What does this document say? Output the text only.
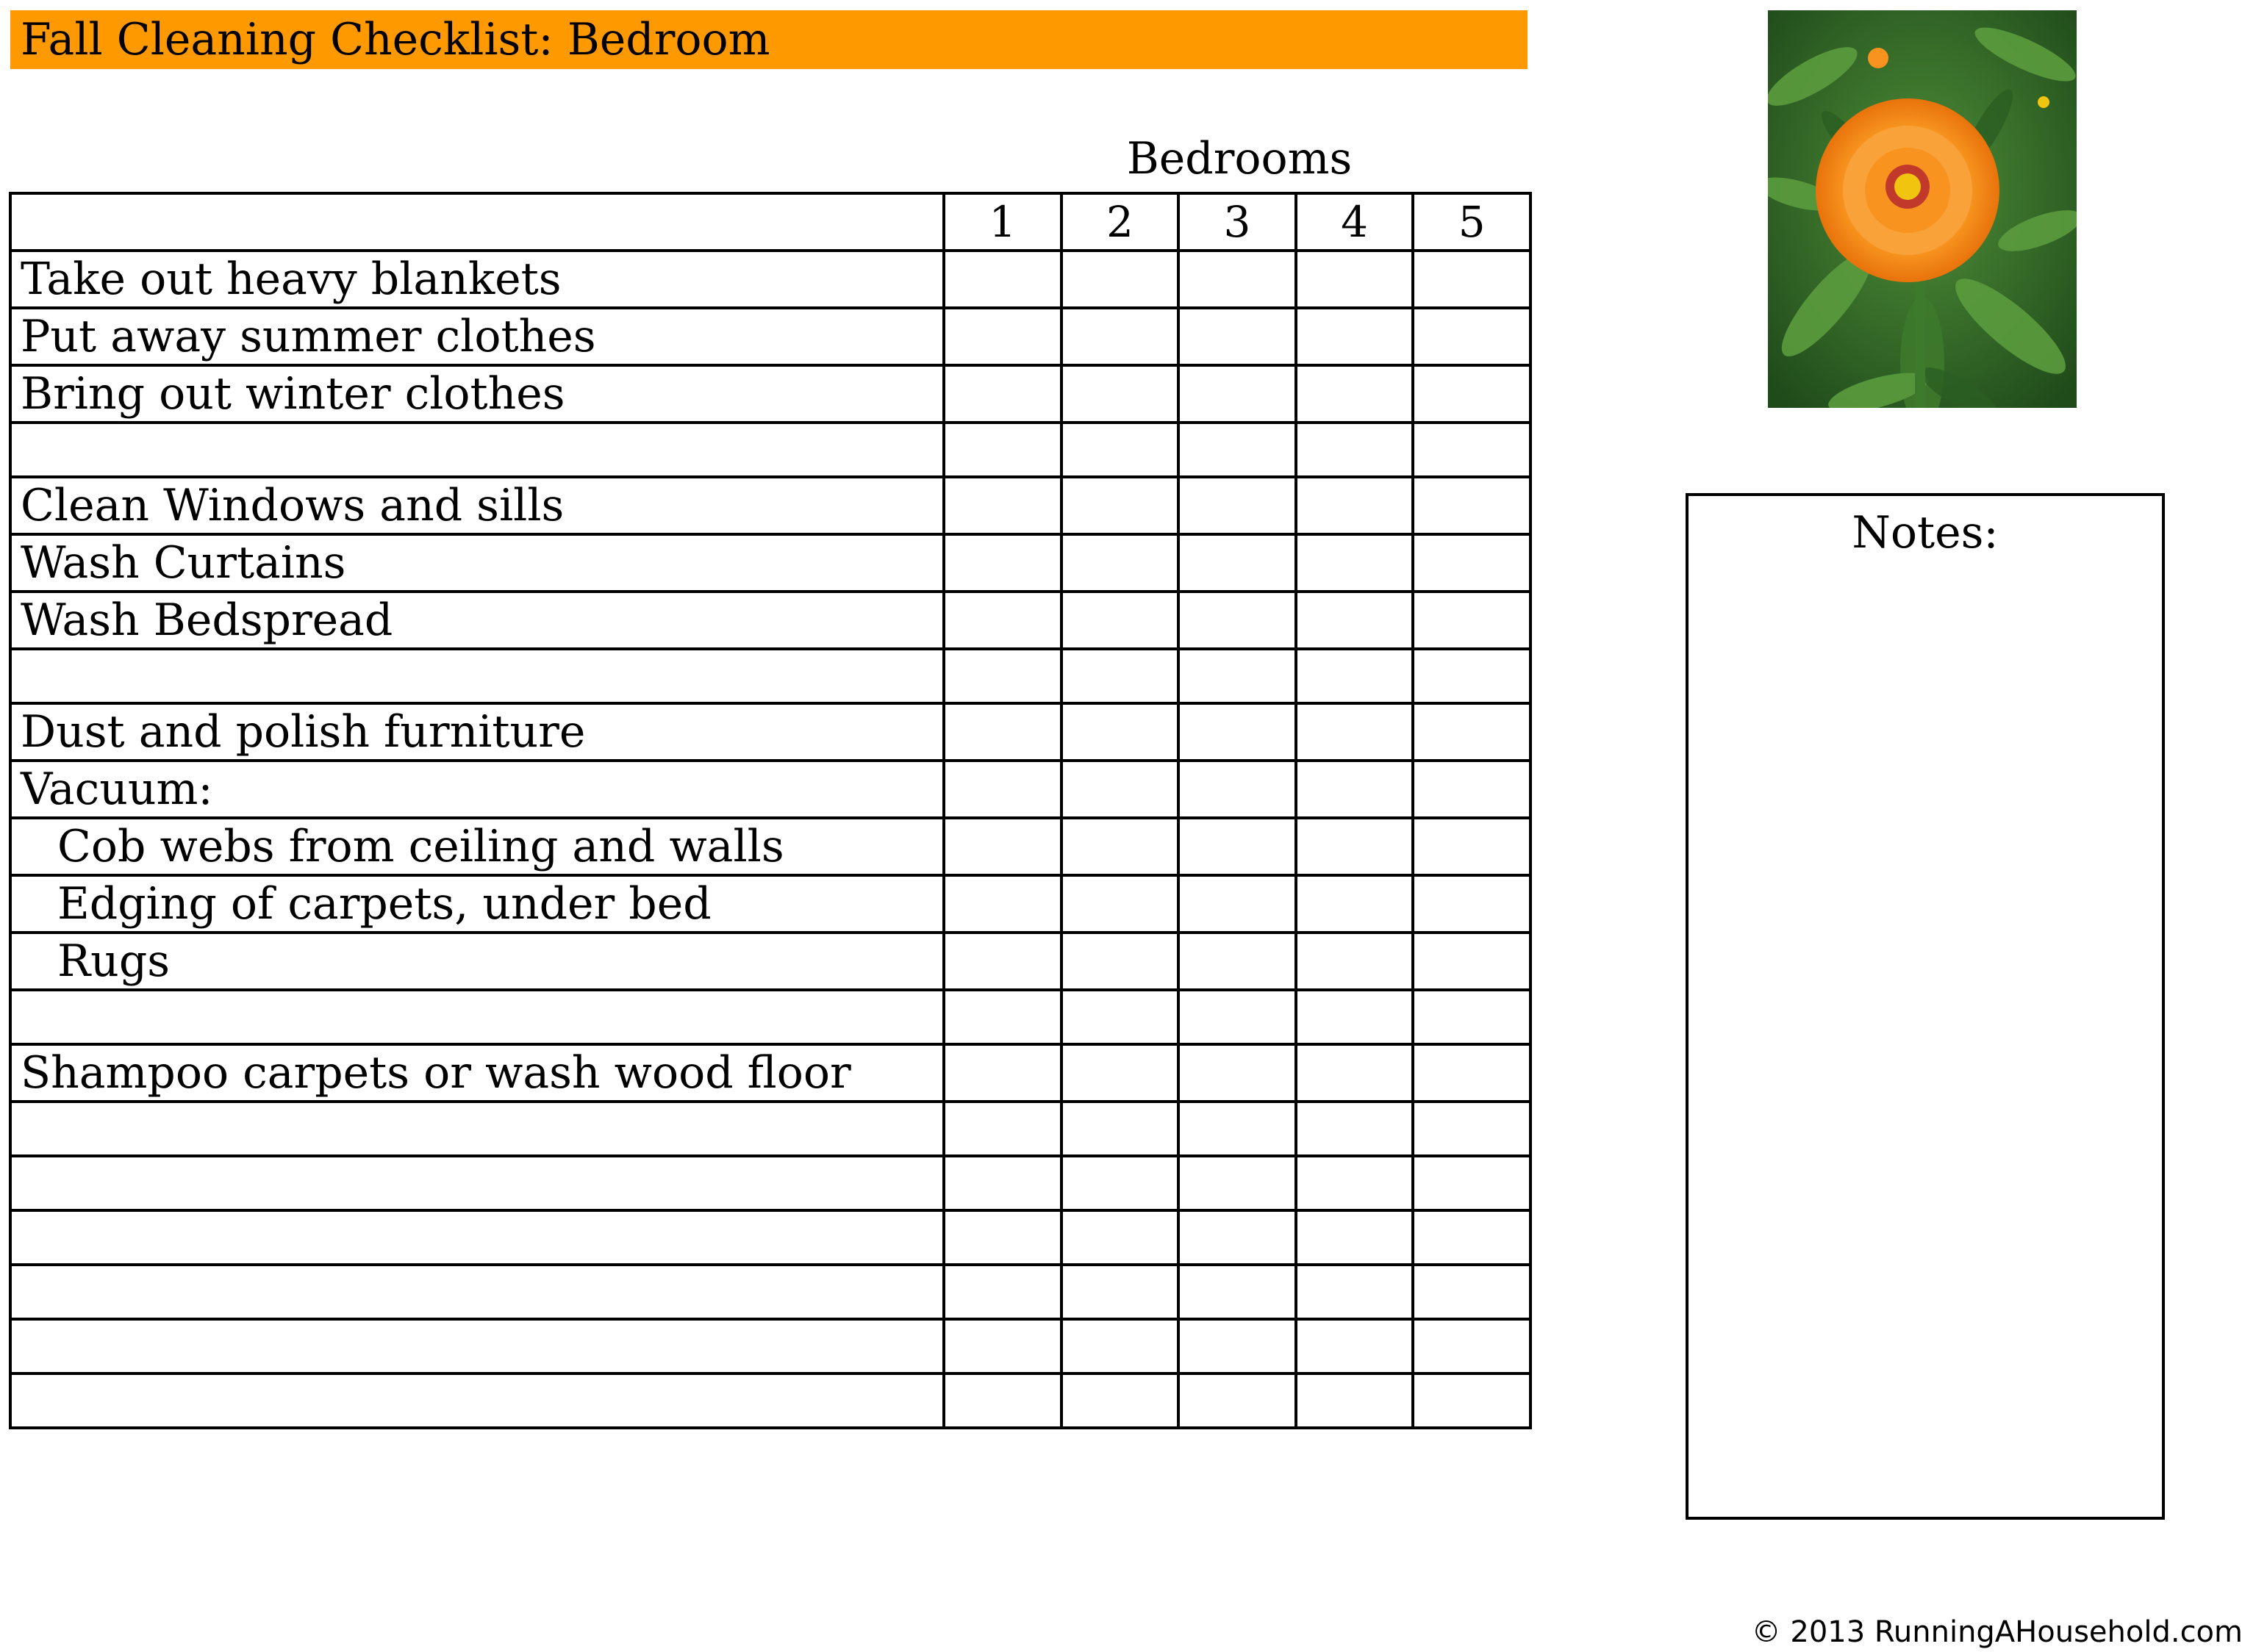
Fall Cleaning Checklist: Bedroom
Bedrooms
	1	2	3	4	5
Take out heavy blankets					
Put away summer clothes					
Bring out winter clothes					

Clean Windows and sills					
Wash Curtains					
Wash Bedspread					

Dust and polish furniture					
Vacuum:					
Cob webs from ceiling and walls					
Edging of carpets, under bed					
Rugs					

Shampoo carpets or wash wood floor					

Notes:
© 2013 RunningAHousehold.com
